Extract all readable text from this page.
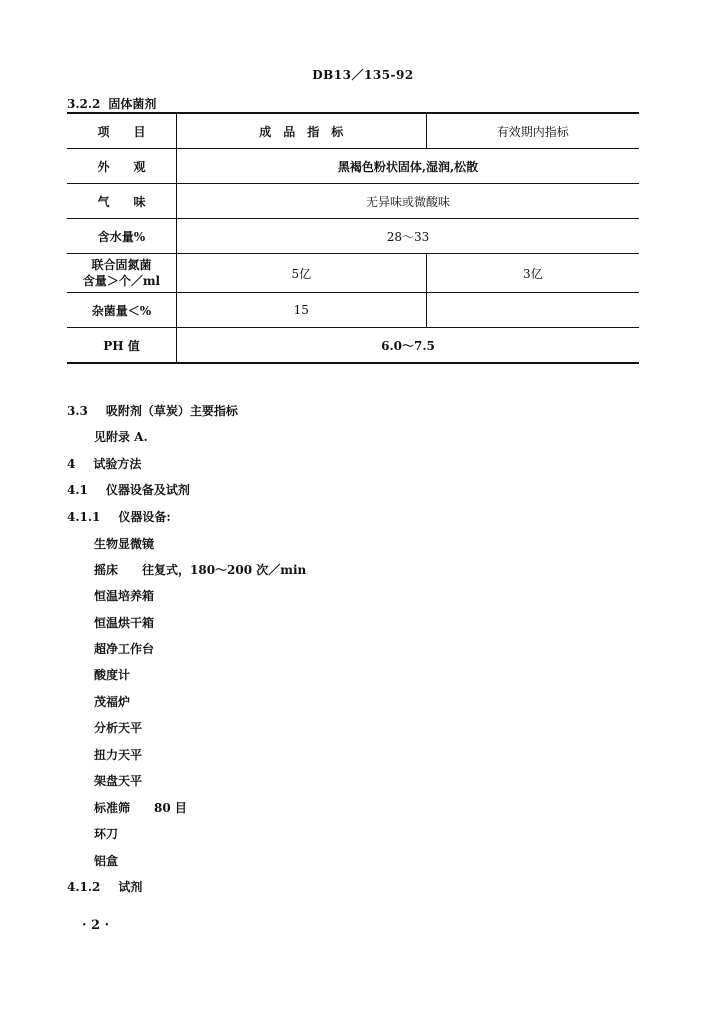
DB13／135-92
3.2.2 固体菌剂
项　　目	成　品　指　标	有效期内指标
外　　观	黑褐色粉状固体,湿润,松散	
气　　味	无异味或微酸味	
含水量%	28～33	

联合固氮菌
含量＞个／ml	5亿	3亿
杂菌量＜%	15	
PH 值	6.0～7.5	
3.3 吸附剂（草炭）主要指标
见附录 A.
4 试验方法
4.1 仪器设备及试剂
4.1.1 仪器设备:
生物显微镜
摇床　　往复式，180～200 次／min
恒温培养箱
恒温烘干箱
超净工作台
酸度计
茂福炉
分析天平
扭力天平
架盘天平
标准筛　　80 目
环刀
铝盒
4.1.2 试剂
· 2 ·
